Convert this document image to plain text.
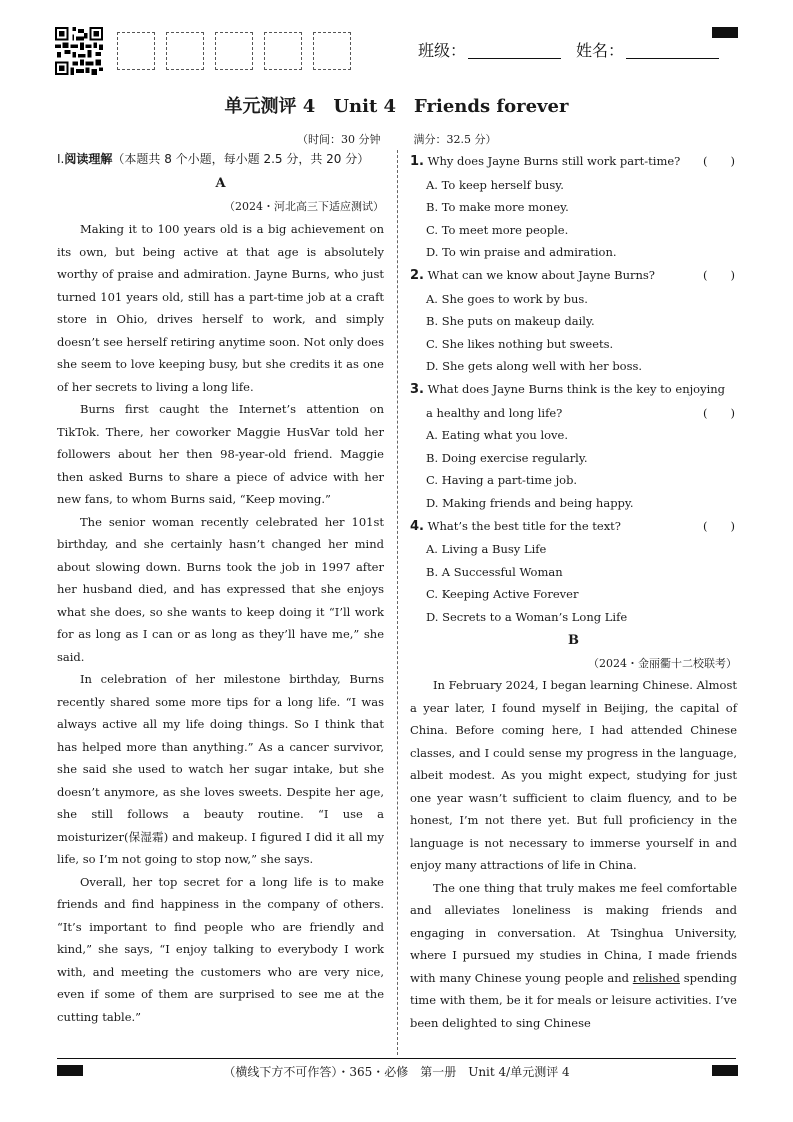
班级：	姓名：
单元测评 4　Unit 4　Friends forever
（时间：30 分钟　　　满分：32.5 分）
Ⅰ.阅读理解（本题共 8 个小题，每小题 2.5 分，共 20 分）

A

（2024・河北高三下适应测试）

Making it to 100 years old is a big achievement on its own, but being active at that age is absolutely worthy of praise and admiration. Jayne Burns, who just turned 101 years old, still has a part-time job at a craft store in Ohio, drives herself to work, and simply doesn’t see herself retiring anytime soon. Not only does she seem to love keeping busy, but she credits it as one of her secrets to living a long life.

Burns first caught the Internet’s attention on TikTok. There, her coworker Maggie HusVar told her followers about her then 98-year-old friend. Maggie then asked Burns to share a piece of advice with her new fans, to whom Burns said, “Keep moving.”

The senior woman recently celebrated her 101st birthday, and she certainly hasn’t changed her mind about slowing down. Burns took the job in 1997 after her husband died, and has expressed that she enjoys what she does, so she wants to keep doing it “I’ll work for as long as I can or as long as they’ll have me,” she said.

In celebration of her milestone birthday, Burns recently shared some more tips for a long life. “I was always active all my life doing things. So I think that has helped more than anything.” As a cancer survivor, she said she used to watch her sugar intake, but she doesn’t anymore, as she loves sweets. Despite her age, she still follows a beauty routine. “I use a moisturizer(保湿霜) and makeup. I figured I did it all my life, so I’m not going to stop now,” she says.

Overall, her top secret for a long life is to make friends and find happiness in the company of others. “It’s important to find people who are friendly and kind,” she says, “I enjoy talking to everybody I work with, and meeting the customers who are very nice, even if some of them are surprised to see me at the cutting table.”

1. Why does Jayne Burns still work part-time? (　　)

A. To keep herself busy.

B. To make more money.

C. To meet more people.

D. To win praise and admiration.

2. What can we know about Jayne Burns?	(　　)

A. She goes to work by bus.

B. She puts on makeup daily.

C. She likes nothing but sweets.

D. She gets along well with her boss.

3. What does Jayne Burns think is the key to enjoying

a healthy and long life?	(　　)

A. Eating what you love.

B. Doing exercise regularly.

C. Having a part-time job.

D. Making friends and being happy.

4. What’s the best title for the text?	(　　)

A. Living a Busy Life

B. A Successful Woman

C. Keeping Active Forever

D. Secrets to a Woman’s Long Life

B

（2024・金丽衢十二校联考）

In February 2024, I began learning Chinese. Almost a year later, I found myself in Beijing, the capital of China. Before coming here, I had attended Chinese classes, and I could sense my progress in the language, albeit modest. As you might expect, studying for just one year wasn’t sufficient to claim fluency, and to be honest, I’m not there yet. But full proficiency in the language is not necessary to immerse yourself in and enjoy many attractions of life in China.

The one thing that truly makes me feel comfortable and alleviates loneliness is making friends and engaging in conversation. At Tsinghua University, where I pursued my studies in China, I made friends with many Chinese young people and relished spending time with them, be it for meals or leisure activities. I’ve been delighted to sing Chinese

（横线下方不可作答）・365・必修　第一册　Unit 4/单元测评 4
